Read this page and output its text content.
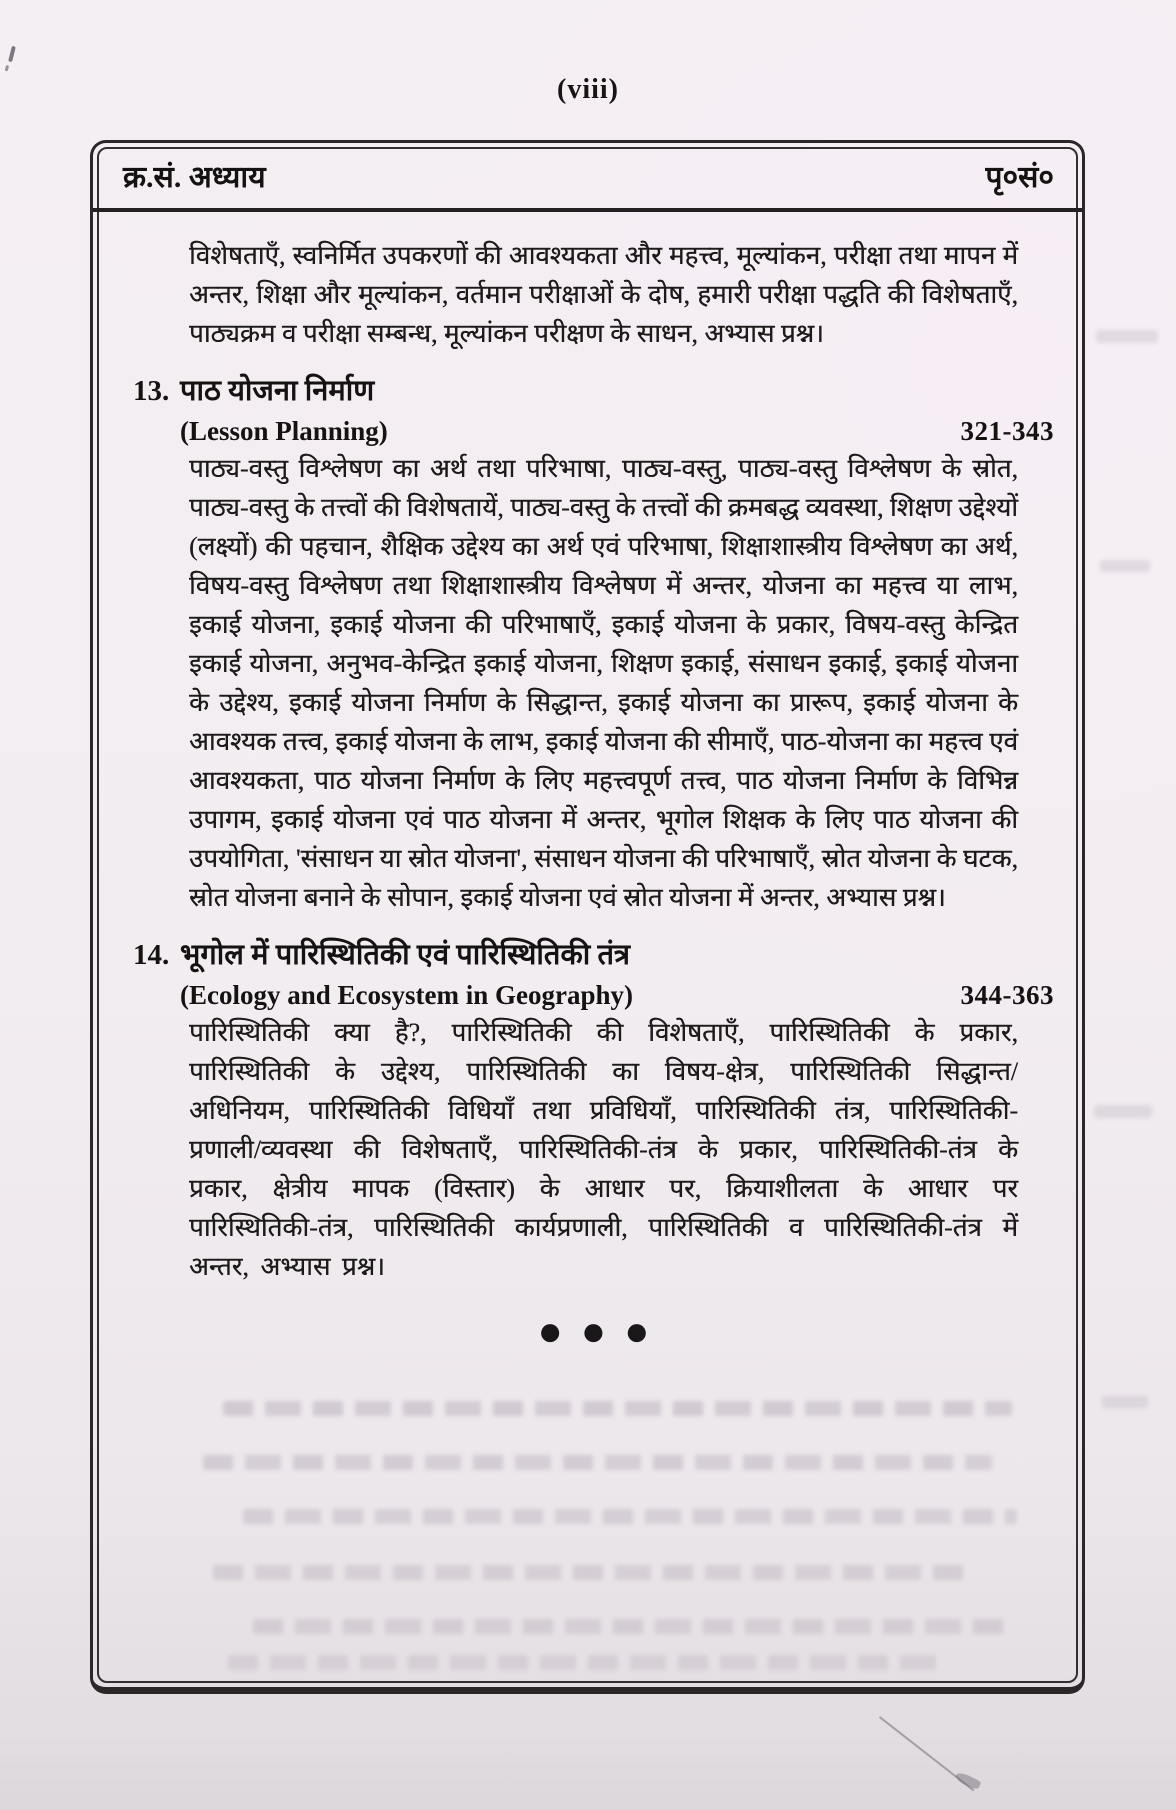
(viii)
क्र.सं. अध्याय	पृ०सं०

विशेषताएँ, स्वनिर्मित उपकरणों की आवश्यकता और महत्त्व, मूल्यांकन, परीक्षा तथा मापन में अन्तर, शिक्षा और मूल्यांकन, वर्तमान परीक्षाओं के दोष, हमारी परीक्षा पद्धति की विशेषताएँ, पाठ्यक्रम व परीक्षा सम्बन्ध, मूल्यांकन परीक्षण के साधन, अभ्यास प्रश्न।

13. पाठ योजना निर्माण
(Lesson Planning)	321-343

पाठ्य-वस्तु विश्लेषण का अर्थ तथा परिभाषा, पाठ्य-वस्तु, पाठ्य-वस्तु विश्लेषण के स्रोत, पाठ्य-वस्तु के तत्त्वों की विशेषतायें, पाठ्य-वस्तु के तत्त्वों की क्रमबद्ध व्यवस्था, शिक्षण उद्देश्यों (लक्ष्यों) की पहचान, शैक्षिक उद्देश्य का अर्थ एवं परिभाषा, शिक्षाशास्त्रीय विश्लेषण का अर्थ, विषय-वस्तु विश्लेषण तथा शिक्षाशास्त्रीय विश्लेषण में अन्तर, योजना का महत्त्व या लाभ, इकाई योजना, इकाई योजना की परिभाषाएँ, इकाई योजना के प्रकार, विषय-वस्तु केन्द्रित इकाई योजना, अनुभव-केन्द्रित इकाई योजना, शिक्षण इकाई, संसाधन इकाई, इकाई योजना के उद्देश्य, इकाई योजना निर्माण के सिद्धान्त, इकाई योजना का प्रारूप, इकाई योजना के आवश्यक तत्त्व, इकाई योजना के लाभ, इकाई योजना की सीमाएँ, पाठ-योजना का महत्त्व एवं आवश्यकता, पाठ योजना निर्माण के लिए महत्त्वपूर्ण तत्त्व, पाठ योजना निर्माण के विभिन्न उपागम, इकाई योजना एवं पाठ योजना में अन्तर, भूगोल शिक्षक के लिए पाठ योजना की उपयोगिता, 'संसाधन या स्रोत योजना', संसाधन योजना की परिभाषाएँ, स्रोत योजना के घटक, स्रोत योजना बनाने के सोपान, इकाई योजना एवं स्रोत योजना में अन्तर, अभ्यास प्रश्न।

14. भूगोल में पारिस्थितिकी एवं पारिस्थितिकी तंत्र
(Ecology and Ecosystem in Geography)	344-363

पारिस्थितिकी क्या है?, पारिस्थितिकी की विशेषताएँ, पारिस्थितिकी के प्रकार, पारिस्थितिकी के उद्देश्य, पारिस्थितिकी का विषय-क्षेत्र, पारिस्थितिकी सिद्धान्त/अधिनियम, पारिस्थितिकी विधियाँ तथा प्रविधियाँ, पारिस्थितिकी तंत्र, पारिस्थितिकी-प्रणाली/व्यवस्था की विशेषताएँ, पारिस्थितिकी-तंत्र के प्रकार, पारिस्थितिकी-तंत्र के प्रकार, क्षेत्रीय मापक (विस्तार) के आधार पर, क्रियाशीलता के आधार पर पारिस्थितिकी-तंत्र, पारिस्थितिकी कार्यप्रणाली, पारिस्थितिकी व पारिस्थितिकी-तंत्र में अन्तर, अभ्यास प्रश्न।

●●●
